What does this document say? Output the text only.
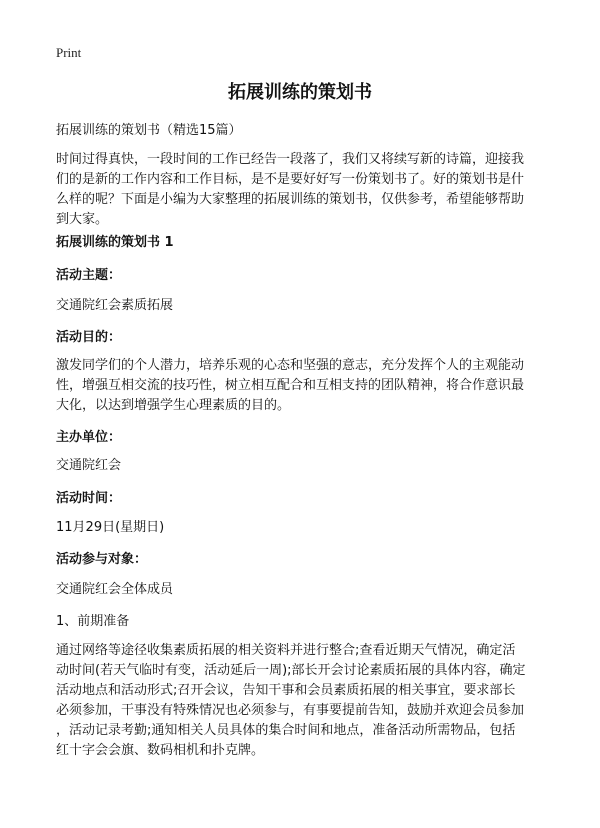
Print
拓展训练的策划书
拓展训练的策划书（精选15篇）
时间过得真快，一段时间的工作已经告一段落了，我们又将续写新的诗篇，迎接我
们的是新的工作内容和工作目标，是不是要好好写一份策划书了。好的策划书是什
么样的呢？下面是小编为大家整理的拓展训练的策划书，仅供参考，希望能够帮助
到大家。
拓展训练的策划书 1
活动主题：
交通院红会素质拓展
活动目的：
激发同学们的个人潜力，培养乐观的心态和坚强的意志，充分发挥个人的主观能动
性，增强互相交流的技巧性，树立相互配合和互相支持的团队精神，将合作意识最
大化，以达到增强学生心理素质的目的。
主办单位：
交通院红会
活动时间：
11月29日(星期日)
活动参与对象：
交通院红会全体成员
1、前期准备
通过网络等途径收集素质拓展的相关资料并进行整合;查看近期天气情况，确定活
动时间(若天气临时有变，活动延后一周);部长开会讨论素质拓展的具体内容，确定
活动地点和活动形式;召开会议，告知干事和会员素质拓展的相关事宜，要求部长
必须参加，干事没有特殊情况也必须参与，有事要提前告知，鼓励并欢迎会员参加
，活动记录考勤;通知相关人员具体的集合时间和地点，准备活动所需物品，包括
红十字会会旗、数码相机和扑克牌。
